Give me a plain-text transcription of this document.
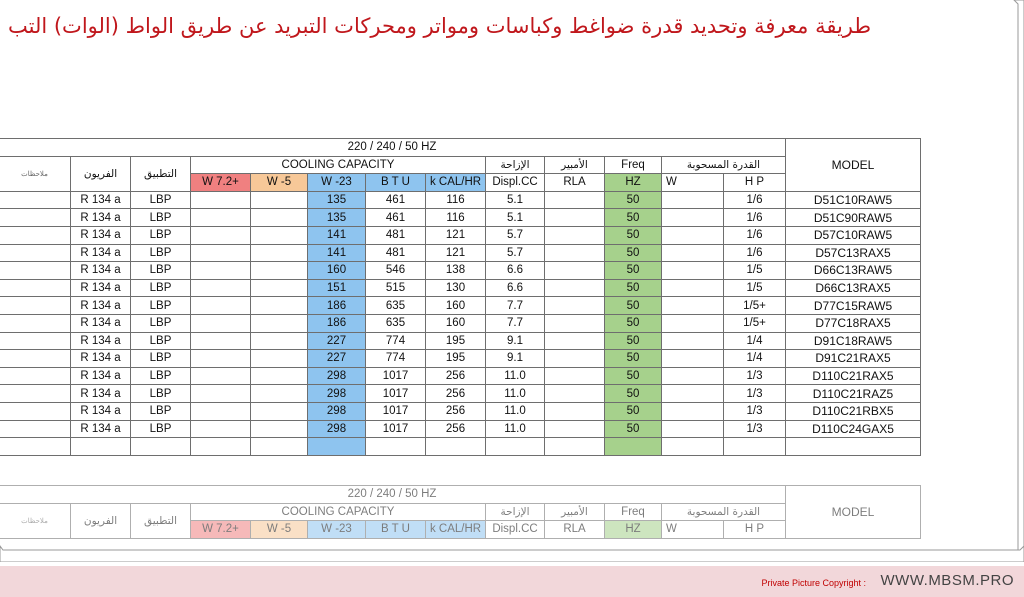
طريقة معرفة وتحديد قدرة ضواغط وكباسات ومواتر ومحركات التبريد عن طريق الواط (الوات) التب
220 / 240 / 50 HZ													MODEL
ملاحظات	الفريون	التطبيق	COOLING CAPACITY					الإزاحة	الأمبير	Freq	القدرة المسحوبة		
			W 7.2+	W -5	W -23	B T U	k CAL/HR	Displ.CC	RLA	HZ	W	H P	
	R 134 a	LBP			135	461	116	5.1		50		1/6	D51C10RAW5
	R 134 a	LBP			135	461	116	5.1		50		1/6	D51C90RAW5
	R 134 a	LBP			141	481	121	5.7		50		1/6	D57C10RAW5
	R 134 a	LBP			141	481	121	5.7		50		1/6	D57C13RAX5
	R 134 a	LBP			160	546	138	6.6		50		1/5	D66C13RAW5
	R 134 a	LBP			151	515	130	6.6		50		1/5	D66C13RAX5
	R 134 a	LBP			186	635	160	7.7		50		1/5+	D77C15RAW5
	R 134 a	LBP			186	635	160	7.7		50		1/5+	D77C18RAX5
	R 134 a	LBP			227	774	195	9.1		50		1/4	D91C18RAW5
	R 134 a	LBP			227	774	195	9.1		50		1/4	D91C21RAX5
	R 134 a	LBP			298	1017	256	11.0		50		1/3	D110C21RAX5
	R 134 a	LBP			298	1017	256	11.0		50		1/3	D110C21RAZ5
	R 134 a	LBP			298	1017	256	11.0		50		1/3	D110C21RBX5
	R 134 a	LBP			298	1017	256	11.0		50		1/3	D110C24GAX5

220 / 240 / 50 HZ													MODEL
ملاحظات	الفريون	التطبيق	COOLING CAPACITY					الإزاحة	الأمبير	Freq	القدرة المسحوبة		
			W 7.2+	W -5	W -23	B T U	k CAL/HR	Displ.CC	RLA	HZ	W	H P	
Private Picture Copyright : WWW.MBSM.PRO
